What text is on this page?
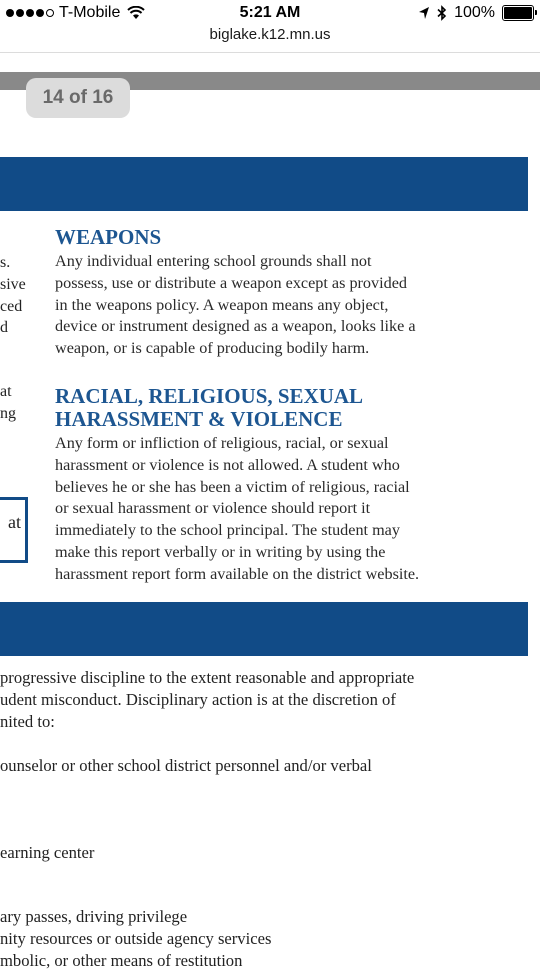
T-Mobile	5:21 AM	100%
biglake.k12.mn.us
14 of 16
s.
sive
ced
d
at
ng
at
WEAPONS
Any individual entering school grounds shall not
possess, use or distribute a weapon except as provided
in the weapons policy. A weapon means any object,
device or instrument designed as a weapon, looks like a
weapon, or is capable of producing bodily harm.
RACIAL, RELIGIOUS, SEXUAL
HARASSMENT & VIOLENCE
Any form or infliction of religious, racial, or sexual
harassment or violence is not allowed. A student who
believes he or she has been a victim of religious, racial
or sexual harassment or violence should report it
immediately to the school principal. The student may
make this report verbally or in writing by using the
harassment report form available on the district website.
progressive discipline to the extent reasonable and appropriate
udent misconduct. Disciplinary action is at the discretion of
nited to:
ounselor or other school district personnel and/or verbal
earning center
ary passes, driving privilege
nity resources or outside agency services
mbolic, or other means of restitution
